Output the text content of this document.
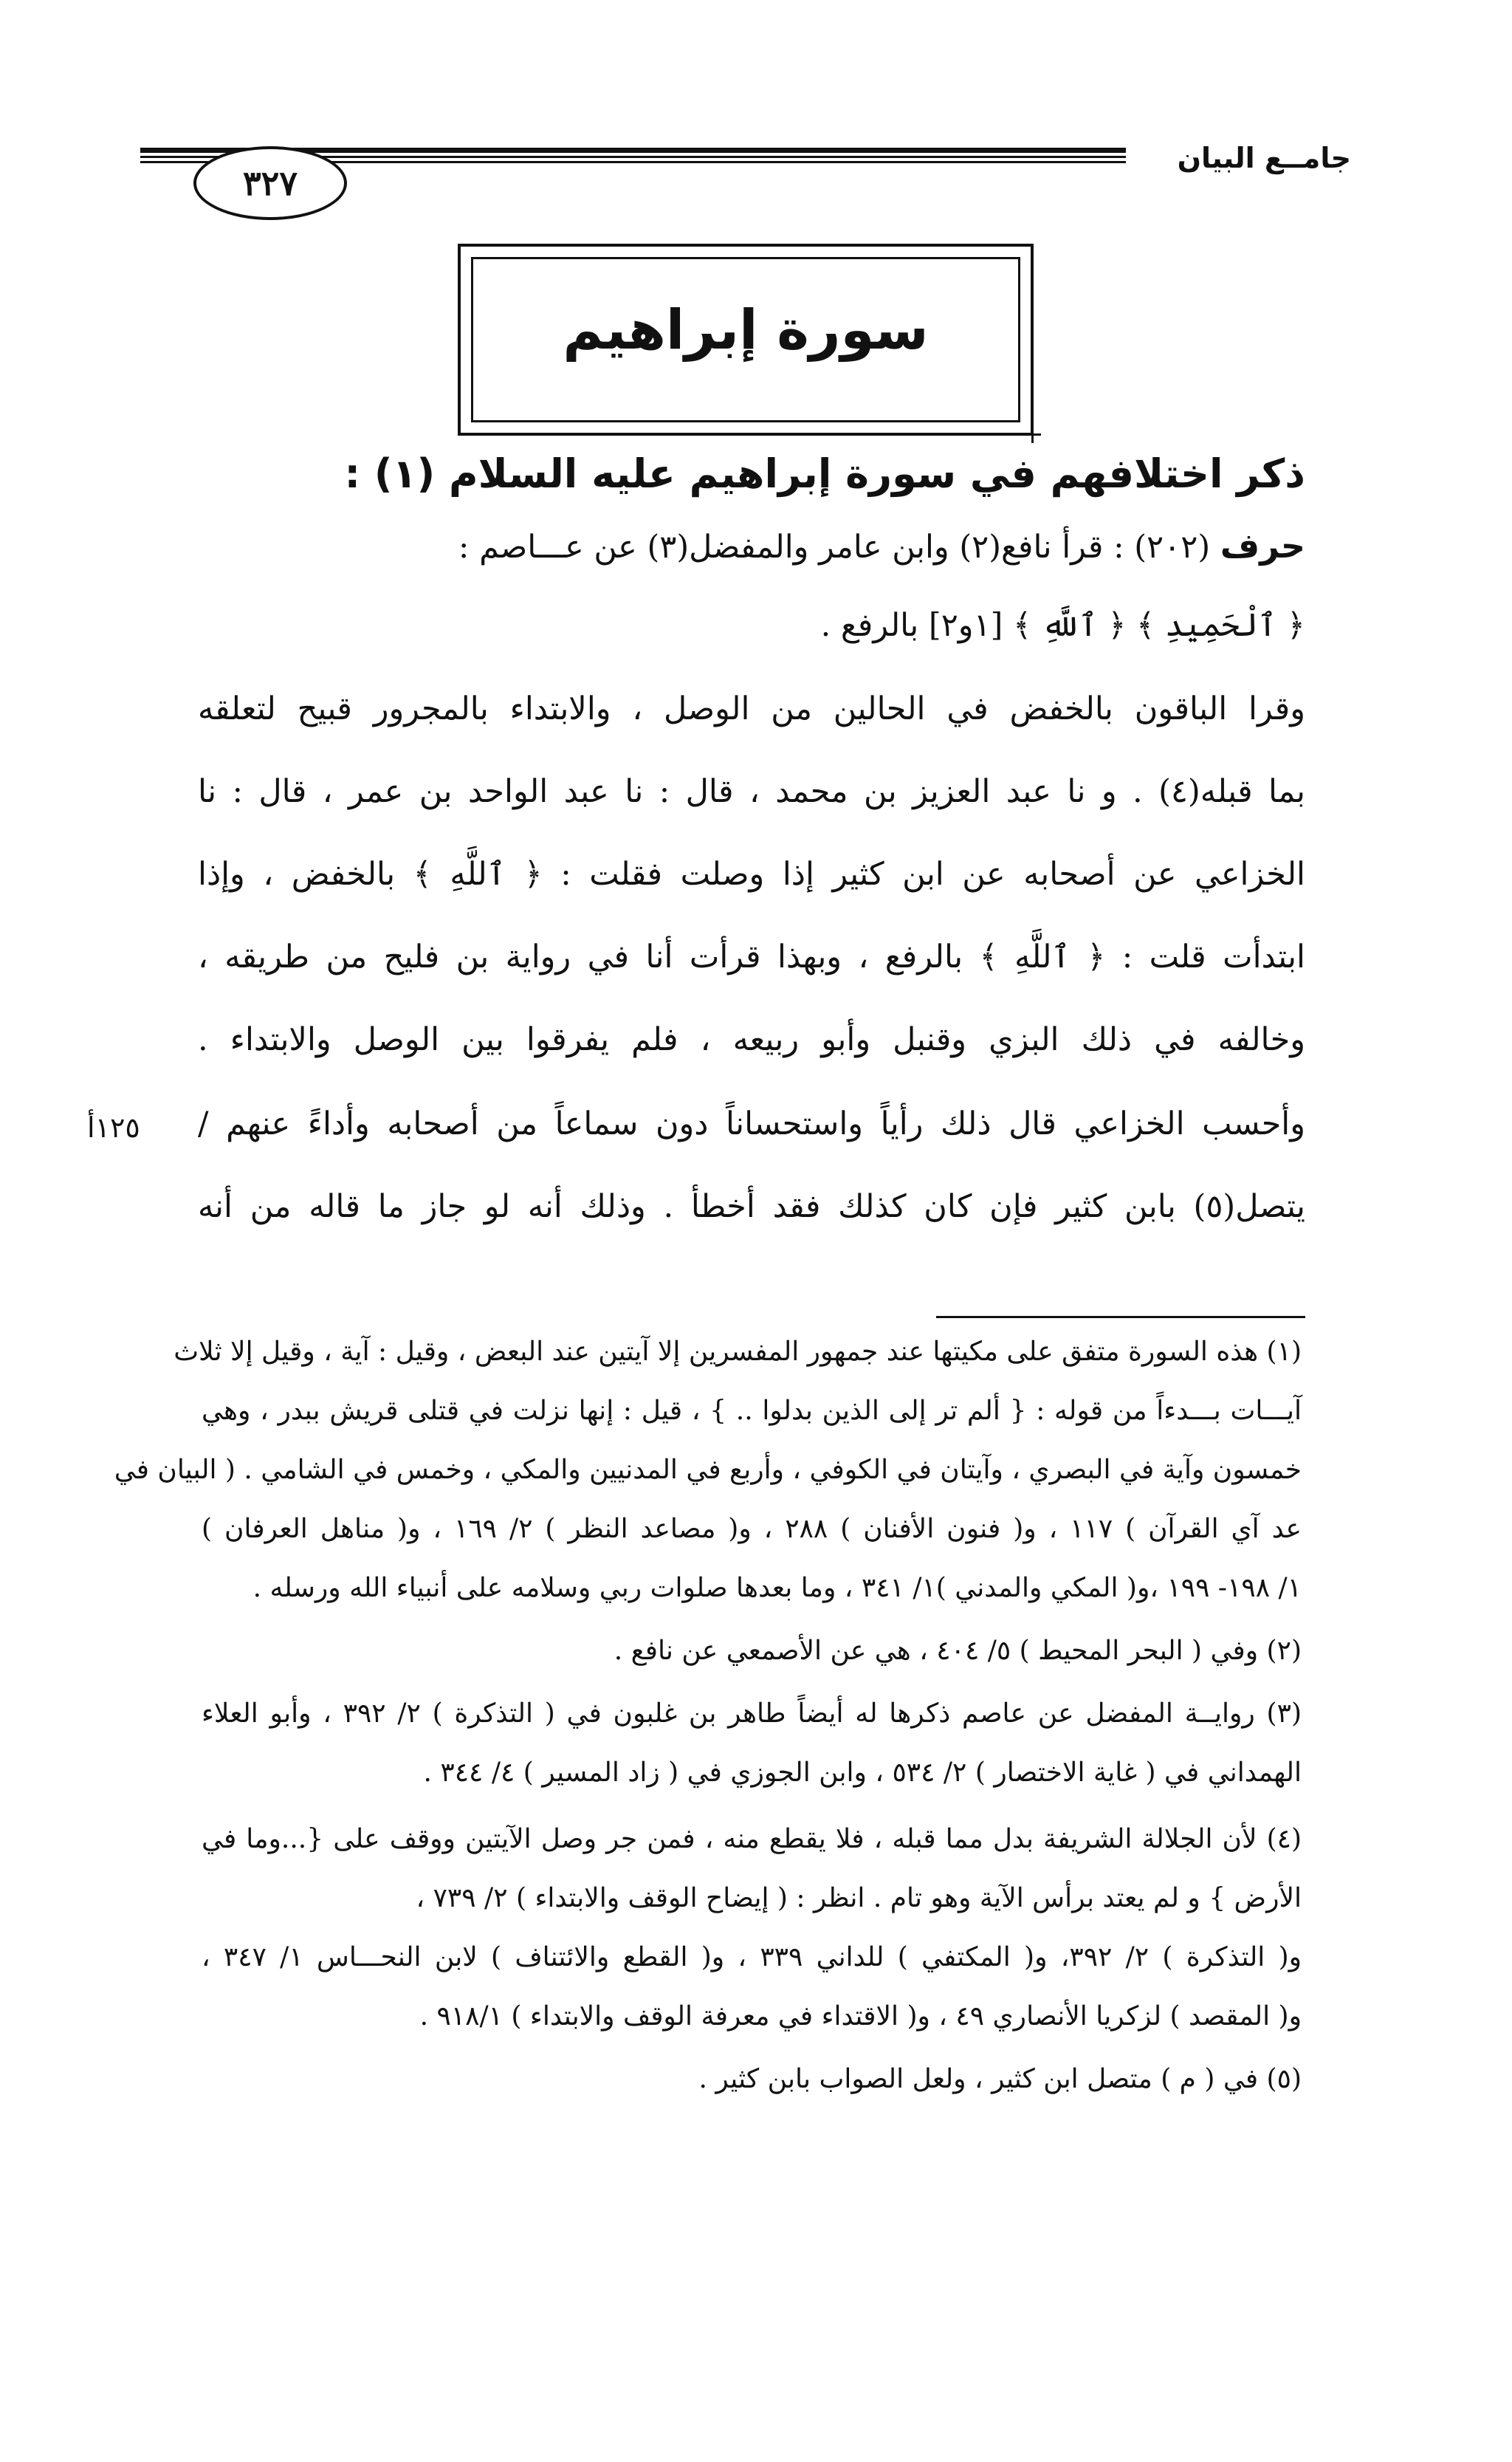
جامــع البيان
٣٢٧
سورة إبراهيم
ذكر اختلافهم في سورة إبراهيم عليه السلام (١) :
حرف (٢٠٢) : قرأ نافع(٢) وابن عامر والمفضل(٣) عن عـــاصم :
﴿ ٱلْحَمِيدِ ﴾ ﴿ ٱللَّهِ ﴾ [١و٢] بالرفع .
وقرا الباقون بالخفض في الحالين من الوصل ، والابتداء بالمجرور قبيح لتعلقه
بما قبله(٤) . و نا عبد العزيز بن محمد ، قال : نا عبد الواحد بن عمر ، قال : نا
الخزاعي عن أصحابه عن ابن كثير إذا وصلت فقلت : ﴿ ٱللَّهِ ﴾ بالخفض ، وإذا
ابتدأت قلت : ﴿ ٱللَّهِ ﴾ بالرفع ، وبهذا قرأت أنا في رواية بن فليح من طريقه ،
وخالفه في ذلك البزي وقنبل وأبو ربيعه ، فلم يفرقوا بين الوصل والابتداء .
وأحسب الخزاعي قال ذلك رأياً واستحساناً دون سماعاً من أصحابه وأداءً عنهم /
يتصل(٥) بابن كثير فإن كان كذلك فقد أخطأ . وذلك أنه لو جاز ما قاله من أنه
١٢٥أ
(١) هذه السورة متفق على مكيتها عند جمهور المفسرين إلا آيتين عند البعض ، وقيل : آية ، وقيل إلا ثلاث
آيـــات بـــدءاً من قوله : { ألم تر إلى الذين بدلوا .. } ، قيل : إنها نزلت في قتلى قريش ببدر ، وهي
خمسون وآية في البصري ، وآيتان في الكوفي ، وأربع في المدنيين والمكي ، وخمس في الشامي . ( البيان في
عد آي القرآن ) ١١٧ ، و( فنون الأفنان ) ٢٨٨ ، و( مصاعد النظر ) ٢/ ١٦٩ ، و( مناهل العرفان )
١/ ١٩٨- ١٩٩ ،و( المكي والمدني )١/ ٣٤١ ، وما بعدها صلوات ربي وسلامه على أنبياء الله ورسله .
(٢) وفي ( البحر المحيط ) ٥/ ٤٠٤ ، هي عن الأصمعي عن نافع .
(٣) روايــة المفضل عن عاصم ذكرها له أيضاً طاهر بن غلبون في ( التذكرة ) ٢/ ٣٩٢ ، وأبو العلاء
الهمداني في ( غاية الاختصار ) ٢/ ٥٣٤ ، وابن الجوزي في ( زاد المسير ) ٤/ ٣٤٤ .
(٤) لأن الجلالة الشريفة بدل مما قبله ، فلا يقطع منه ، فمن جر وصل الآيتين ووقف على {...وما في
الأرض } و لم يعتد برأس الآية وهو تام . انظر : ( إيضاح الوقف والابتداء ) ٢/ ٧٣٩ ،
و( التذكرة ) ٢/ ٣٩٢، و( المكتفي ) للداني ٣٣٩ ، و( القطع والائتناف ) لابن النحـــاس ١/ ٣٤٧ ،
و( المقصد ) لزكريا الأنصاري ٤٩ ، و( الاقتداء في معرفة الوقف والابتداء ) ٩١٨/١ .
(٥) في ( م ) متصل ابن كثير ، ولعل الصواب بابن كثير .
